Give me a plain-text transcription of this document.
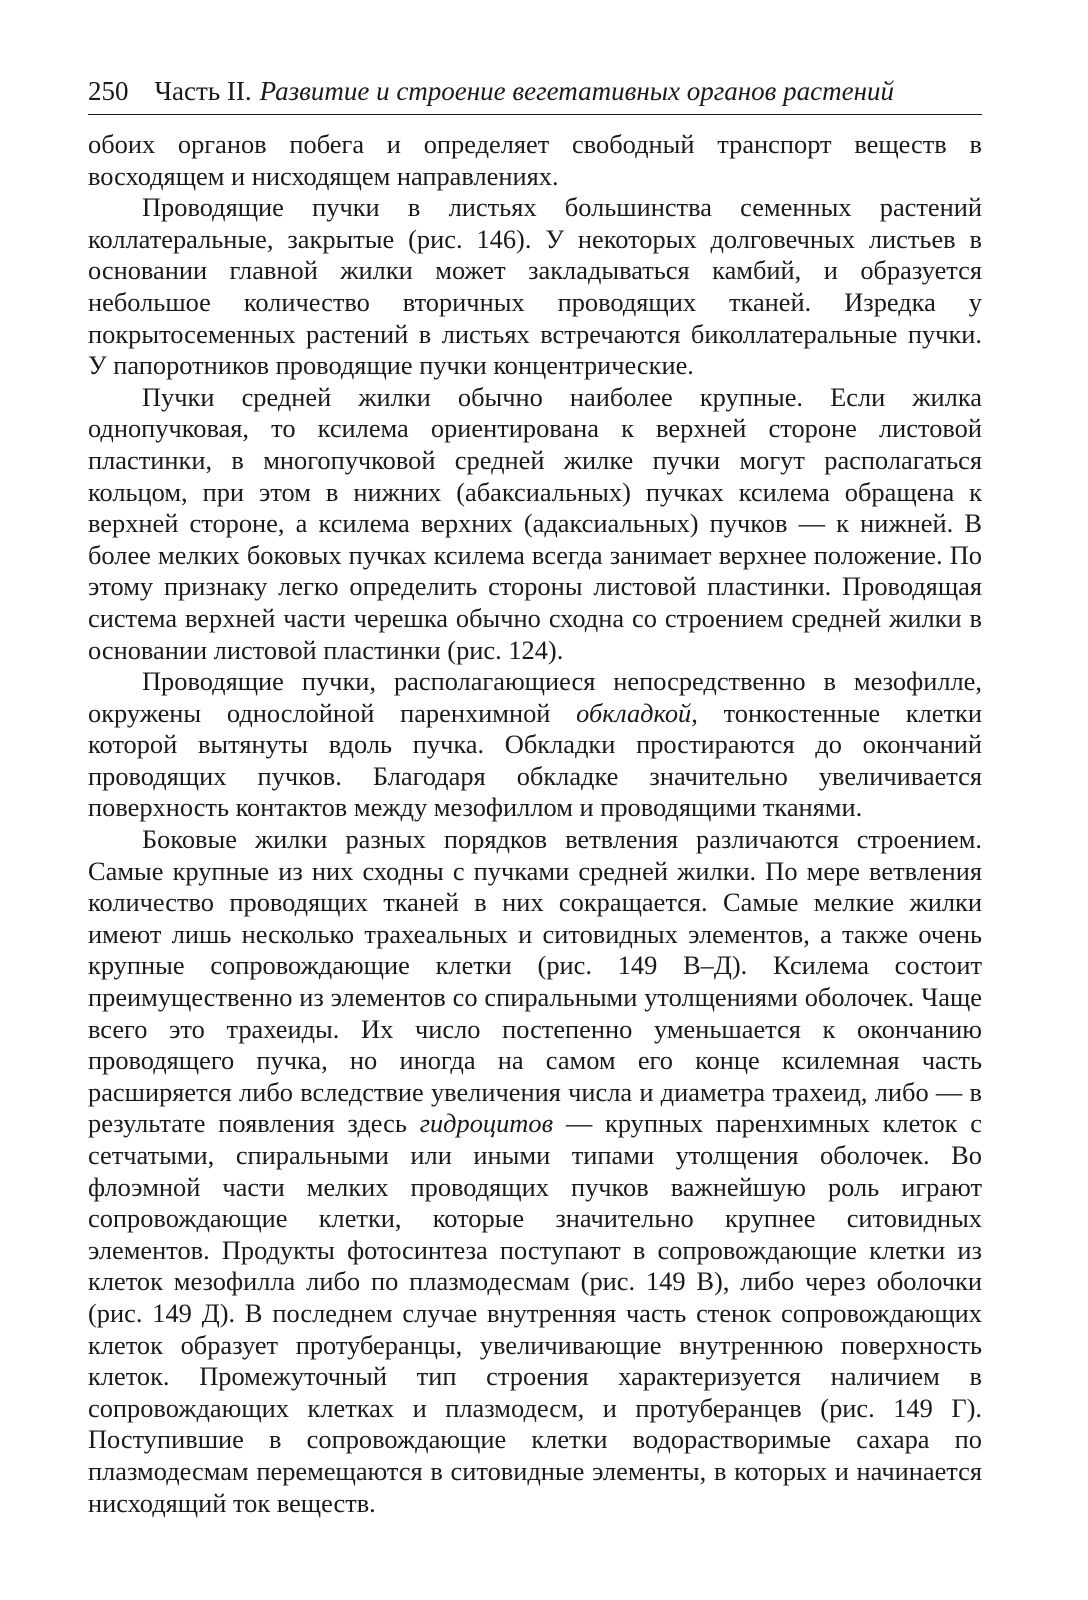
250 Часть II. Развитие и строение вегетативных органов растений

обоих органов побега и определяет свободный транспорт веществ в восходящем и нисходящем направлениях.

Проводящие пучки в листьях большинства семенных растений коллатеральные, закрытые (рис. 146). У некоторых долговечных листьев в основании главной жилки может закладываться камбий, и образуется небольшое количество вторичных проводящих тканей. Изредка у покрытосеменных растений в листьях встречаются биколлатеральные пучки. У папоротников проводящие пучки концентрические.

Пучки средней жилки обычно наиболее крупные. Если жилка однопучковая, то ксилема ориентирована к верхней стороне листовой пластинки, в многопучковой средней жилке пучки могут располагаться кольцом, при этом в нижних (абаксиальных) пучках ксилема обращена к верхней стороне, а ксилема верхних (адаксиальных) пучков — к нижней. В более мелких боковых пучках ксилема всегда занимает верхнее положение. По этому признаку легко определить стороны листовой пластинки. Проводящая система верхней части черешка обычно сходна со строением средней жилки в основании листовой пластинки (рис. 124).

Проводящие пучки, располагающиеся непосредственно в мезофилле, окружены однослойной паренхимной обкладкой, тонкостенные клетки которой вытянуты вдоль пучка. Обкладки простираются до окончаний проводящих пучков. Благодаря обкладке значительно увеличивается поверхность контактов между мезофиллом и проводящими тканями.

Боковые жилки разных порядков ветвления различаются строением. Самые крупные из них сходны с пучками средней жилки. По мере ветвления количество проводящих тканей в них сокращается. Самые мелкие жилки имеют лишь несколько трахеальных и ситовидных элементов, а также очень крупные сопровождающие клетки (рис. 149 В–Д). Ксилема состоит преимущественно из элементов со спиральными утолщениями оболочек. Чаще всего это трахеиды. Их число постепенно уменьшается к окончанию проводящего пучка, но иногда на самом его конце ксилемная часть расширяется либо вследствие увеличения числа и диаметра трахеид, либо — в результате появления здесь гидроцитов — крупных паренхимных клеток с сетчатыми, спиральными или иными типами утолщения оболочек. Во флоэмной части мелких проводящих пучков важнейшую роль играют сопровождающие клетки, которые значительно крупнее ситовидных элементов. Продукты фотосинтеза поступают в сопровождающие клетки из клеток мезофилла либо по плазмодесмам (рис. 149 В), либо через оболочки (рис. 149 Д). В последнем случае внутренняя часть стенок сопровождающих клеток образует протуберанцы, увеличивающие внутреннюю поверхность клеток. Промежуточный тип строения характеризуется наличием в сопровождающих клетках и плазмодесм, и протуберанцев (рис. 149 Г). Поступившие в сопровождающие клетки водорастворимые сахара по плазмодесмам перемещаются в ситовидные элементы, в которых и начинается нисходящий ток веществ.
